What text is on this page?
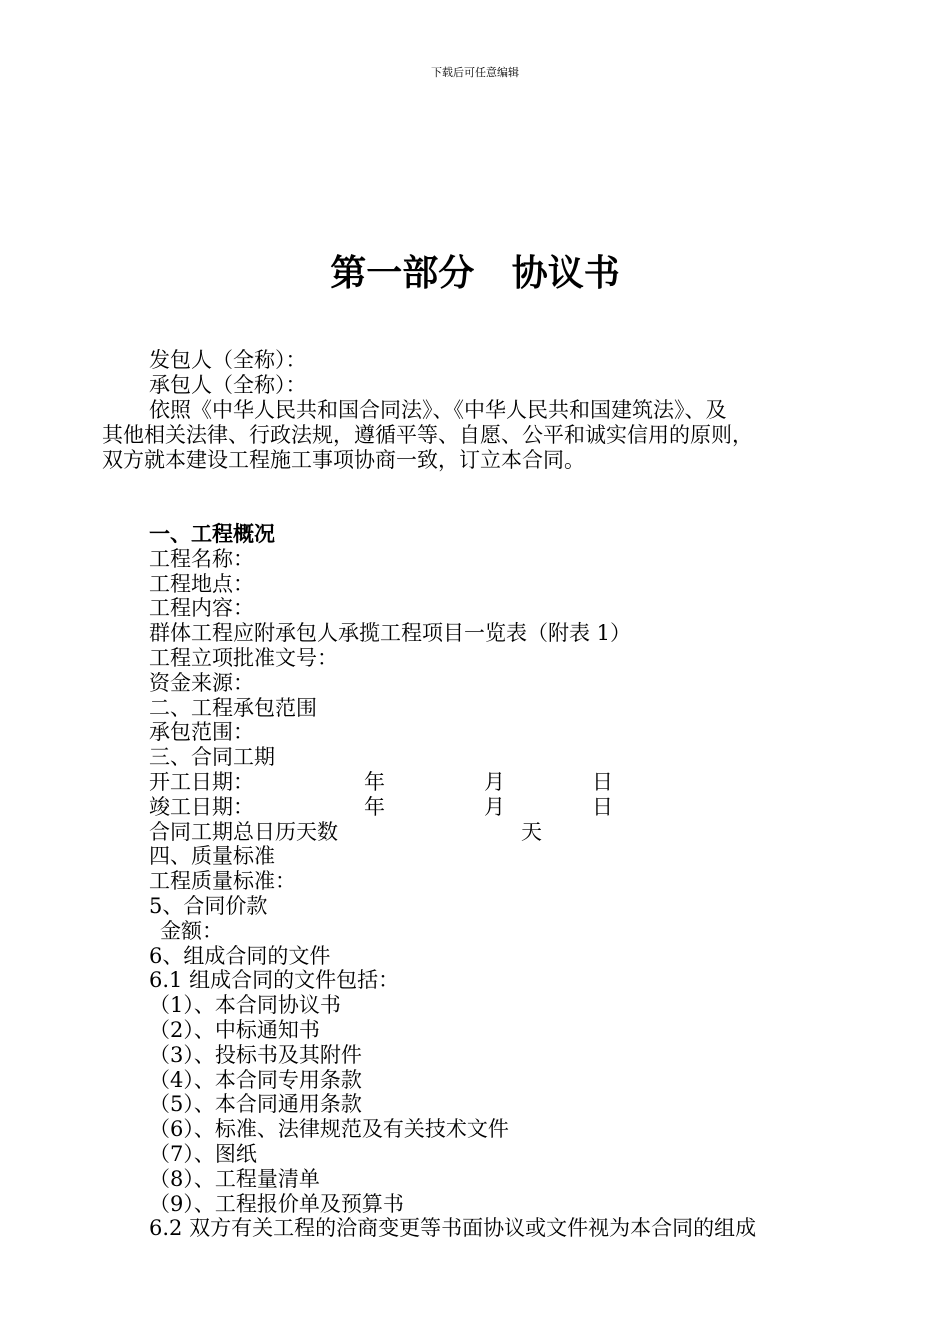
下载后可任意编辑
第一部分   协议书
发包人（全称）：
承包人（全称）：
依照《中华人民共和国合同法》、《中华人民共和国建筑法》、及
其他相关法律、行政法规，遵循平等、自愿、公平和诚实信用的原则，
双方就本建设工程施工事项协商一致，订立本合同。
一、工程概况
工程名称：
工程地点：
工程内容：
群体工程应附承包人承揽工程项目一览表（附表 1）
工程立项批准文号：
资金来源：
二、工程承包范围
承包范围：
三、合同工期
开工日期：	年	月	日
竣工日期：	年	月	日
合同工期总日历天数	天
四、质量标准
工程质量标准：
5、合同价款
金额：
6、组成合同的文件
6.1 组成合同的文件包括：
（1）、本合同协议书
（2）、中标通知书
（3）、投标书及其附件
（4）、本合同专用条款
（5）、本合同通用条款
（6）、标准、法律规范及有关技术文件
（7）、图纸
（8）、工程量清单
（9）、工程报价单及预算书
6.2 双方有关工程的洽商变更等书面协议或文件视为本合同的组成
